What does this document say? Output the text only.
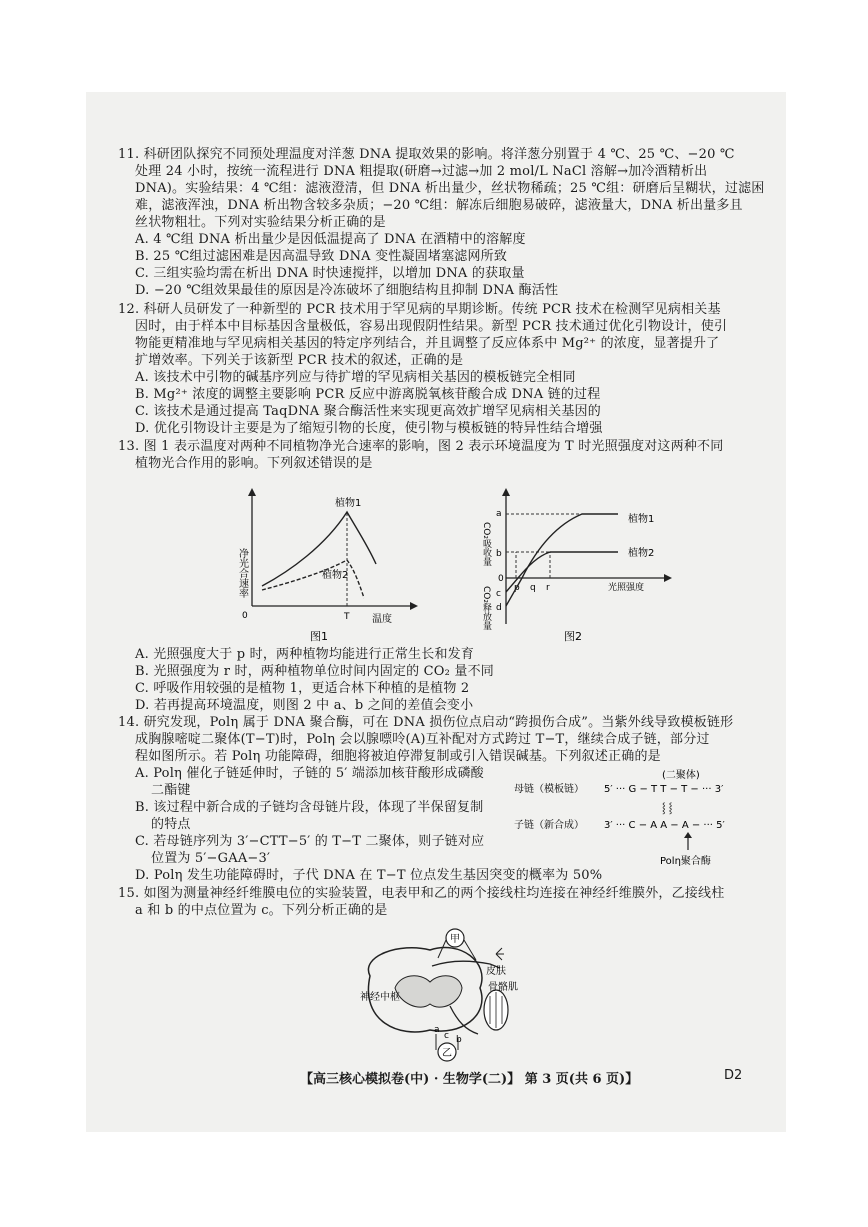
11. 科研团队探究不同预处理温度对洋葱 DNA 提取效果的影响。将洋葱分别置于 4 ℃、25 ℃、−20 ℃
处理 24 小时，按统一流程进行 DNA 粗提取(研磨→过滤→加 2 mol/L NaCl 溶解→加冷酒精析出
DNA)。实验结果：4 ℃组：滤液澄清，但 DNA 析出量少，丝状物稀疏；25 ℃组：研磨后呈糊状，过滤困
难，滤液浑浊，DNA 析出物含较多杂质；−20 ℃组：解冻后细胞易破碎，滤液量大，DNA 析出量多且
丝状物粗壮。下列对实验结果分析正确的是
A. 4 ℃组 DNA 析出量少是因低温提高了 DNA 在酒精中的溶解度
B. 25 ℃组过滤困难是因高温导致 DNA 变性凝固堵塞滤网所致
C. 三组实验均需在析出 DNA 时快速搅拌，以增加 DNA 的获取量
D. −20 ℃组效果最佳的原因是冷冻破坏了细胞结构且抑制 DNA 酶活性
12. 科研人员研发了一种新型的 PCR 技术用于罕见病的早期诊断。传统 PCR 技术在检测罕见病相关基
因时，由于样本中目标基因含量极低，容易出现假阴性结果。新型 PCR 技术通过优化引物设计，使引
物能更精准地与罕见病相关基因的特定序列结合，并且调整了反应体系中 Mg²⁺ 的浓度，显著提升了
扩增效率。下列关于该新型 PCR 技术的叙述，正确的是
A. 该技术中引物的碱基序列应与待扩增的罕见病相关基因的模板链完全相同
B. Mg²⁺ 浓度的调整主要影响 PCR 反应中游离脱氧核苷酸合成 DNA 链的过程
C. 该技术是通过提高 TaqDNA 聚合酶活性来实现更高效扩增罕见病相关基因的
D. 优化引物设计主要是为了缩短引物的长度，使引物与模板链的特异性结合增强
13. 图 1 表示温度对两种不同植物净光合速率的影响，图 2 表示环境温度为 T 时光照强度对这两种不同
植物光合作用的影响。下列叙述错误的是
净光合速率
温度
0	T
植物1
植物2
图1
CO₂吸收量
CO₂释放量	光照强度
a
b
c
d
0
p q r
植物1
植物2
图2
A. 光照强度大于 p 时，两种植物均能进行正常生长和发育
B. 光照强度为 r 时，两种植物单位时间内固定的 CO₂ 量不同
C. 呼吸作用较强的是植物 1，更适合林下种植的是植物 2
D. 若再提高环境温度，则图 2 中 a、b 之间的差值会变小
14. 研究发现，Polη 属于 DNA 聚合酶，可在 DNA 损伤位点启动“跨损伤合成”。当紫外线导致模板链形
成胸腺嘧啶二聚体(T−T)时，Polη 会以腺嘌呤(A)互补配对方式跨过 T−T，继续合成子链，部分过
程如图所示。若 Polη 功能障碍，细胞将被迫停滞复制或引入错误碱基。下列叙述正确的是
A. Polη 催化子链延伸时，子链的 5′ 端添加核苷酸形成磷酸
二酯键
B. 该过程中新合成的子链均含母链片段，体现了半保留复制
的特点
C. 若母链序列为 3′−CTT−5′ 的 T−T 二聚体，则子链对应
位置为 5′−GAA−3′
D. Polη 发生功能障碍时，子代 DNA 在 T−T 位点发生基因突变的概率为 50%
(二聚体)
母链（模板链） 5′ ··· G − T T − T − ··· 3′
⸾ ⸾
子链（新合成） 3′ ··· C − A A − A − ··· 5′
Polη聚合酶
15. 如图为测量神经纤维膜电位的实验装置，电表甲和乙的两个接线柱均连接在神经纤维膜外，乙接线柱
a 和 b 的中点位置为 c。下列分析正确的是
神经中枢
甲
皮肤
骨骼肌
a
c b
乙
【高三核心模拟卷(中) · 生物学(二)】 第 3 页(共 6 页)】	D2
